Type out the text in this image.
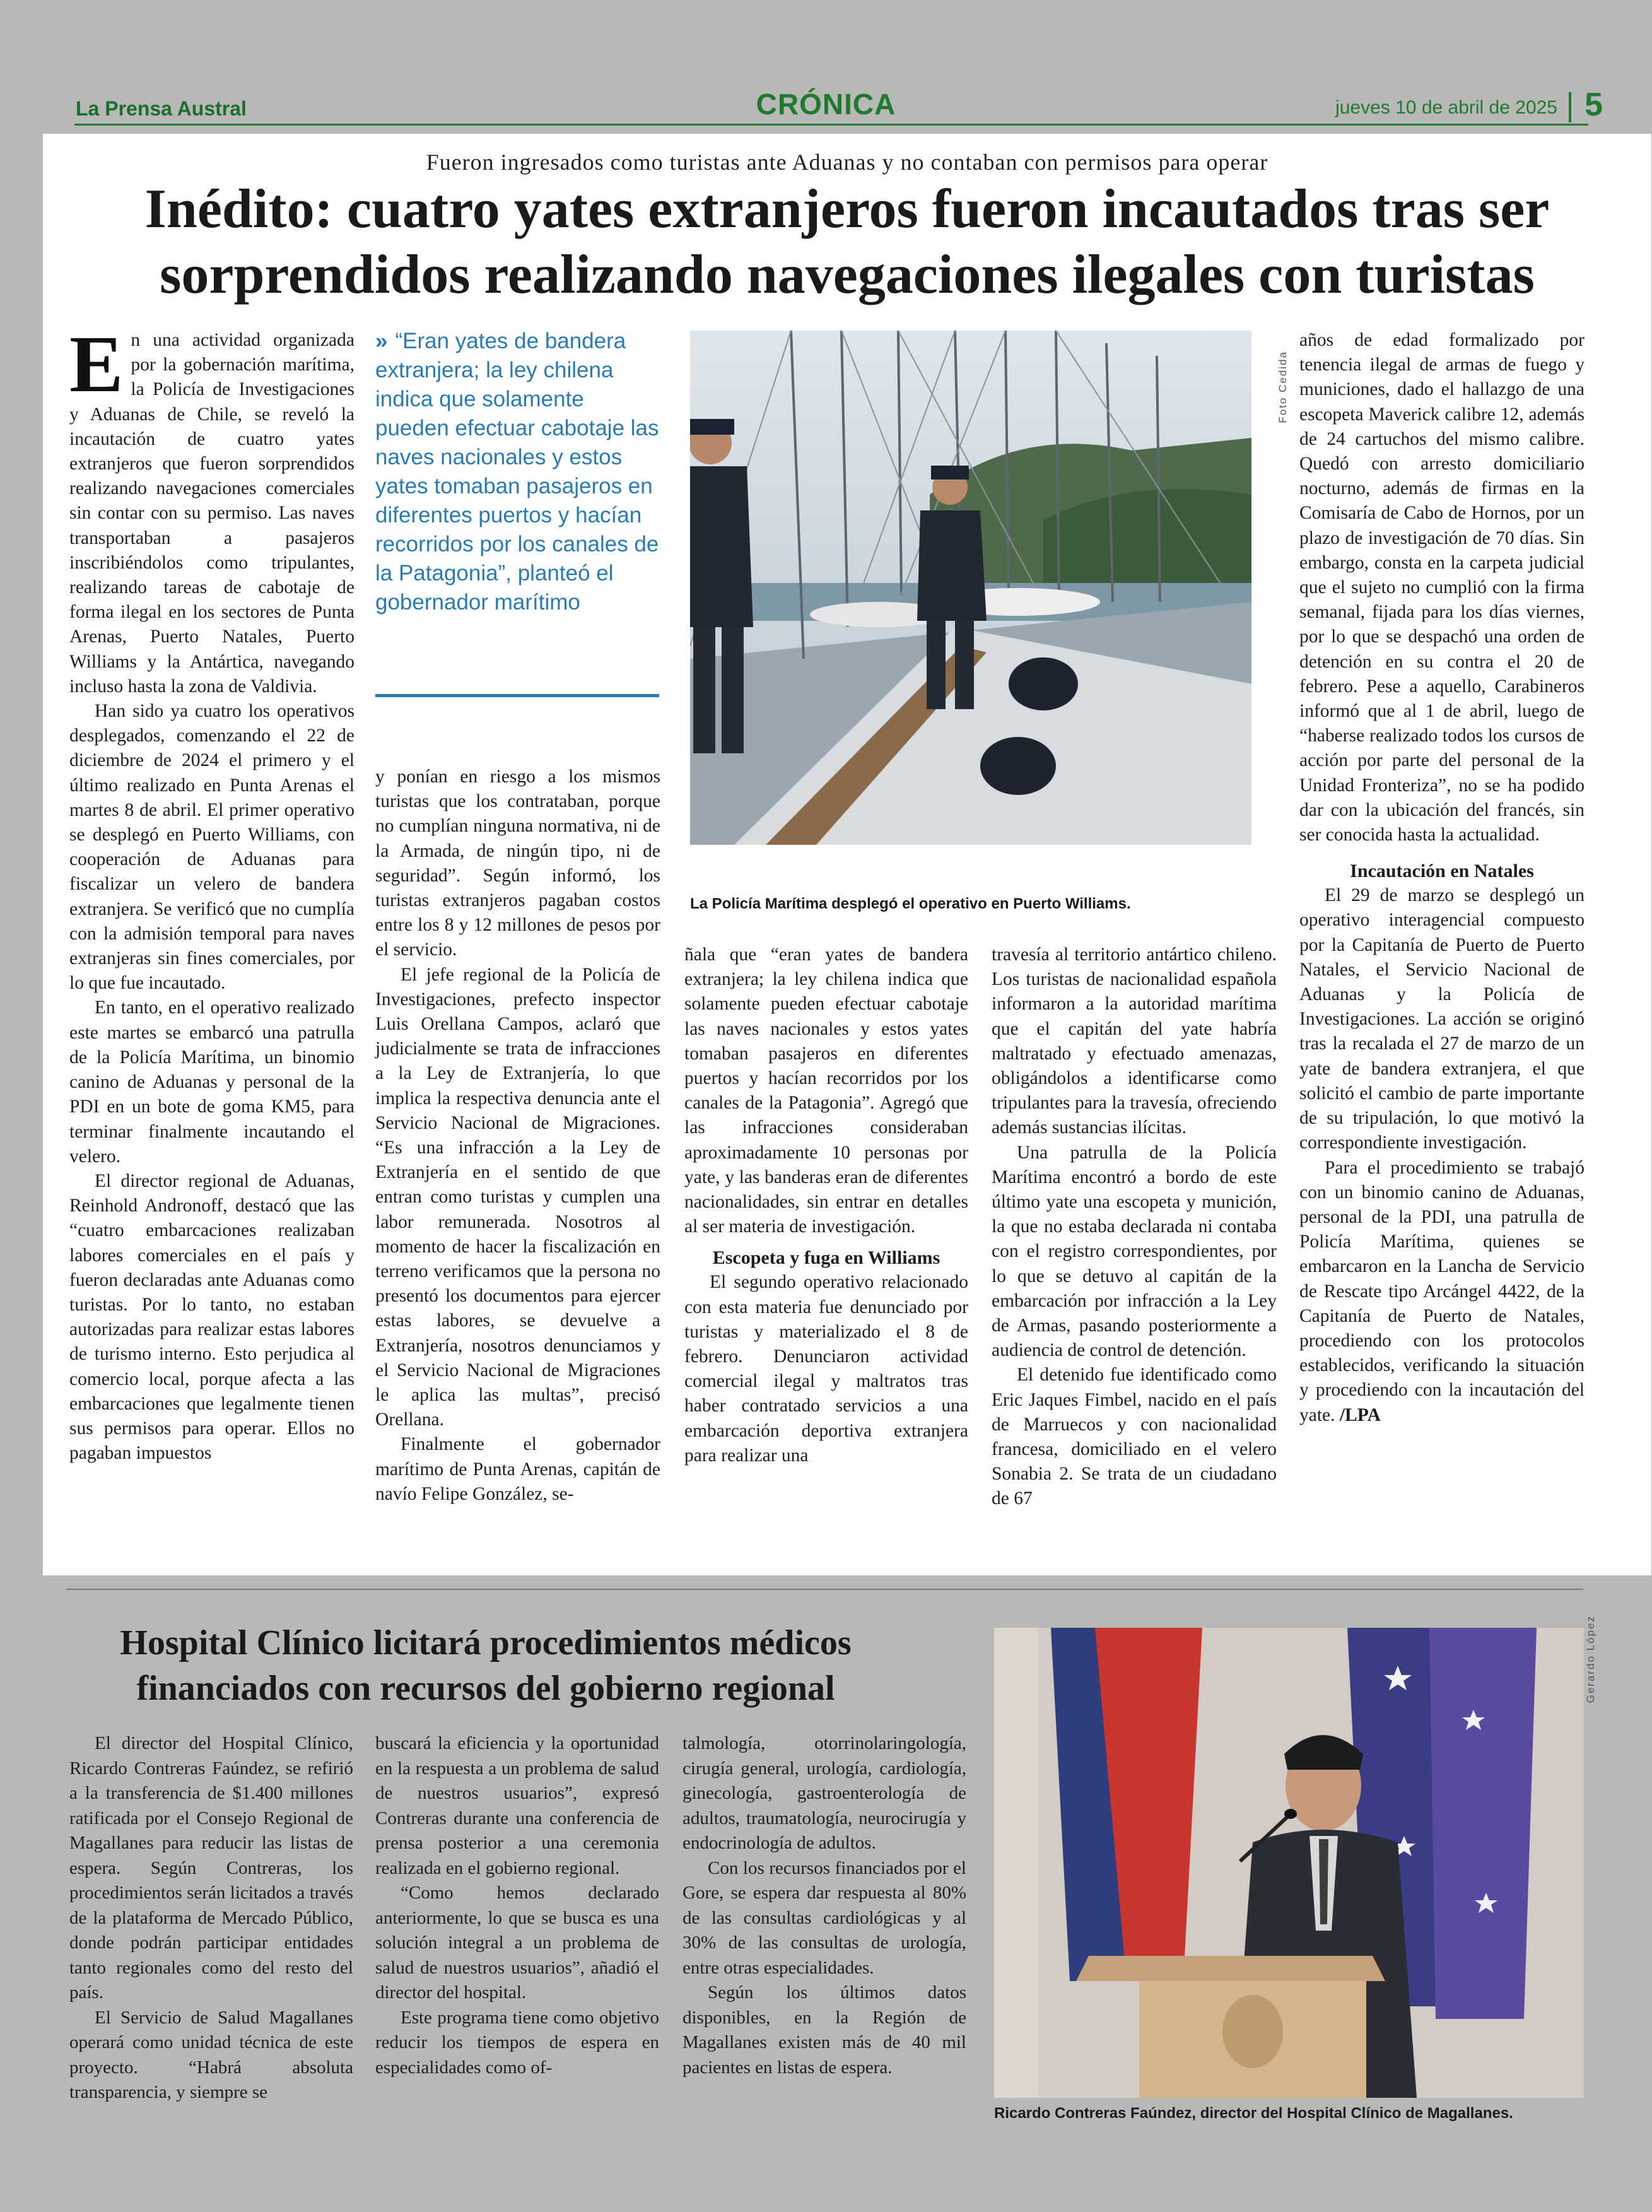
La Prensa Austral	CRÓNICA	jueves 10 de abril de 2025 5
Fueron ingresados como turistas ante Aduanas y no contaban con permisos para operar
Inédito: cuatro yates extranjeros fueron incautados tras ser
sorprendidos realizando navegaciones ilegales con turistas
E n una actividad organizada por la gobernación marítima, la Policía de Investigaciones y Aduanas de Chile, se reveló la incautación de cuatro yates extranjeros que fueron sorprendidos realizando navegaciones comerciales sin contar con su permiso. Las naves transportaban a pasajeros inscribiéndolos como tripulantes, realizando tareas de cabotaje de forma ilegal en los sectores de Punta Arenas, Puerto Natales, Puerto Williams y la Antártica, navegando incluso hasta la zona de Valdivia.

Han sido ya cuatro los operativos desplegados, comenzando el 22 de diciembre de 2024 el primero y el último realizado en Punta Arenas el martes 8 de abril. El primer operativo se desplegó en Puerto Williams, con cooperación de Aduanas para fiscalizar un velero de bandera extranjera. Se verificó que no cumplía con la admisión temporal para naves extranjeras sin fines comerciales, por lo que fue incautado.

En tanto, en el operativo realizado este martes se embarcó una patrulla de la Policía Marítima, un binomio canino de Aduanas y personal de la PDI en un bote de goma KM5, para terminar finalmente incautando el velero.

El director regional de Aduanas, Reinhold Andronoff, destacó que las “cuatro embarcaciones realizaban labores comerciales en el país y fueron declaradas ante Aduanas como turistas. Por lo tanto, no estaban autorizadas para realizar estas labores de turismo interno. Esto perjudica al comercio local, porque afecta a las embarcaciones que legalmente tienen sus permisos para operar. Ellos no pagaban impuestos

» “Eran yates de bandera extranjera; la ley chilena indica que solamente pueden efectuar cabotaje las naves nacionales y estos yates tomaban pasajeros en diferentes puertos y hacían recorridos por los canales de la Patagonia”, planteó el gobernador marítimo

y ponían en riesgo a los mismos turistas que los contrataban, porque no cumplían ninguna normativa, ni de la Armada, de ningún tipo, ni de seguridad”. Según informó, los turistas extranjeros pagaban costos entre los 8 y 12 millones de pesos por el servicio.

El jefe regional de la Policía de Investigaciones, prefecto inspector Luis Orellana Campos, aclaró que judicialmente se trata de infracciones a la Ley de Extranjería, lo que implica la respectiva denuncia ante el Servicio Nacional de Migraciones. “Es una infracción a la Ley de Extranjería en el sentido de que entran como turistas y cumplen una labor remunerada. Nosotros al momento de hacer la fiscalización en terreno verificamos que la persona no presentó los documentos para ejercer estas labores, se devuelve a Extranjería, nosotros denunciamos y el Servicio Nacional de Migraciones le aplica las multas”, precisó Orellana.

Finalmente el gobernador marítimo de Punta Arenas, capitán de navío Felipe González, se-

Foto Cedida
La Policía Marítima desplegó el operativo en Puerto Williams.

ñala que “eran yates de bandera extranjera; la ley chilena indica que solamente pueden efectuar cabotaje las naves nacionales y estos yates tomaban pasajeros en diferentes puertos y hacían recorridos por los canales de la Patagonia”. Agregó que las infracciones consideraban aproximadamente 10 personas por yate, y las banderas eran de diferentes nacionalidades, sin entrar en detalles al ser materia de investigación.

Escopeta y fuga en Williams

El segundo operativo relacionado con esta materia fue denunciado por turistas y materializado el 8 de febrero. Denunciaron actividad comercial ilegal y maltratos tras haber contratado servicios a una embarcación deportiva extranjera para realizar una

travesía al territorio antártico chileno. Los turistas de nacionalidad española informaron a la autoridad marítima que el capitán del yate habría maltratado y efectuado amenazas, obligándolos a identificarse como tripulantes para la travesía, ofreciendo además sustancias ilícitas.

Una patrulla de la Policía Marítima encontró a bordo de este último yate una escopeta y munición, la que no estaba declarada ni contaba con el registro correspondientes, por lo que se detuvo al capitán de la embarcación por infracción a la Ley de Armas, pasando posteriormente a audiencia de control de detención.

El detenido fue identificado como Eric Jaques Fimbel, nacido en el país de Marruecos y con nacionalidad francesa, domiciliado en el velero Sonabia 2. Se trata de un ciudadano de 67

años de edad formalizado por tenencia ilegal de armas de fuego y municiones, dado el hallazgo de una escopeta Maverick calibre 12, además de 24 cartuchos del mismo calibre. Quedó con arresto domiciliario nocturno, además de firmas en la Comisaría de Cabo de Hornos, por un plazo de investigación de 70 días. Sin embargo, consta en la carpeta judicial que el sujeto no cumplió con la firma semanal, fijada para los días viernes, por lo que se despachó una orden de detención en su contra el 20 de febrero. Pese a aquello, Carabineros informó que al 1 de abril, luego de “haberse realizado todos los cursos de acción por parte del personal de la Unidad Fronteriza”, no se ha podido dar con la ubicación del francés, sin ser conocida hasta la actualidad.

Incautación en Natales

El 29 de marzo se desplegó un operativo interagencial compuesto por la Capitanía de Puerto de Puerto Natales, el Servicio Nacional de Aduanas y la Policía de Investigaciones. La acción se originó tras la recalada el 27 de marzo de un yate de bandera extranjera, el que solicitó el cambio de parte importante de su tripulación, lo que motivó la correspondiente investigación.

Para el procedimiento se trabajó con un binomio canino de Aduanas, personal de la PDI, una patrulla de Policía Marítima, quienes se embarcaron en la Lancha de Servicio de Rescate tipo Arcángel 4422, de la Capitanía de Puerto de Natales, procediendo con los protocolos establecidos, verificando la situación y procediendo con la incautación del yate. /LPA

Hospital Clínico licitará procedimientos médicos
financiados con recursos del gobierno regional

El director del Hospital Clínico, Ricardo Contreras Faúndez, se refirió a la transferencia de $1.400 millones ratificada por el Consejo Regional de Magallanes para reducir las listas de espera. Según Contreras, los procedimientos serán licitados a través de la plataforma de Mercado Público, donde podrán participar entidades tanto regionales como del resto del país.

El Servicio de Salud Magallanes operará como unidad técnica de este proyecto. “Habrá absoluta transparencia, y siempre se

buscará la eficiencia y la oportunidad en la respuesta a un problema de salud de nuestros usuarios”, expresó Contreras durante una conferencia de prensa posterior a una ceremonia realizada en el gobierno regional.

“Como hemos declarado anteriormente, lo que se busca es una solución integral a un problema de salud de nuestros usuarios”, añadió el director del hospital.

Este programa tiene como objetivo reducir los tiempos de espera en especialidades como of-

talmología, otorrinolaringología, cirugía general, urología, cardiología, ginecología, gastroenterología de adultos, traumatología, neurocirugía y endocrinología de adultos.

Con los recursos financiados por el Gore, se espera dar respuesta al 80% de las consultas cardiológicas y al 30% de las consultas de urología, entre otras especialidades.

Según los últimos datos disponibles, en la Región de Magallanes existen más de 40 mil pacientes en listas de espera.

Gerardo López
Ricardo Contreras Faúndez, director del Hospital Clínico de Magallanes.
